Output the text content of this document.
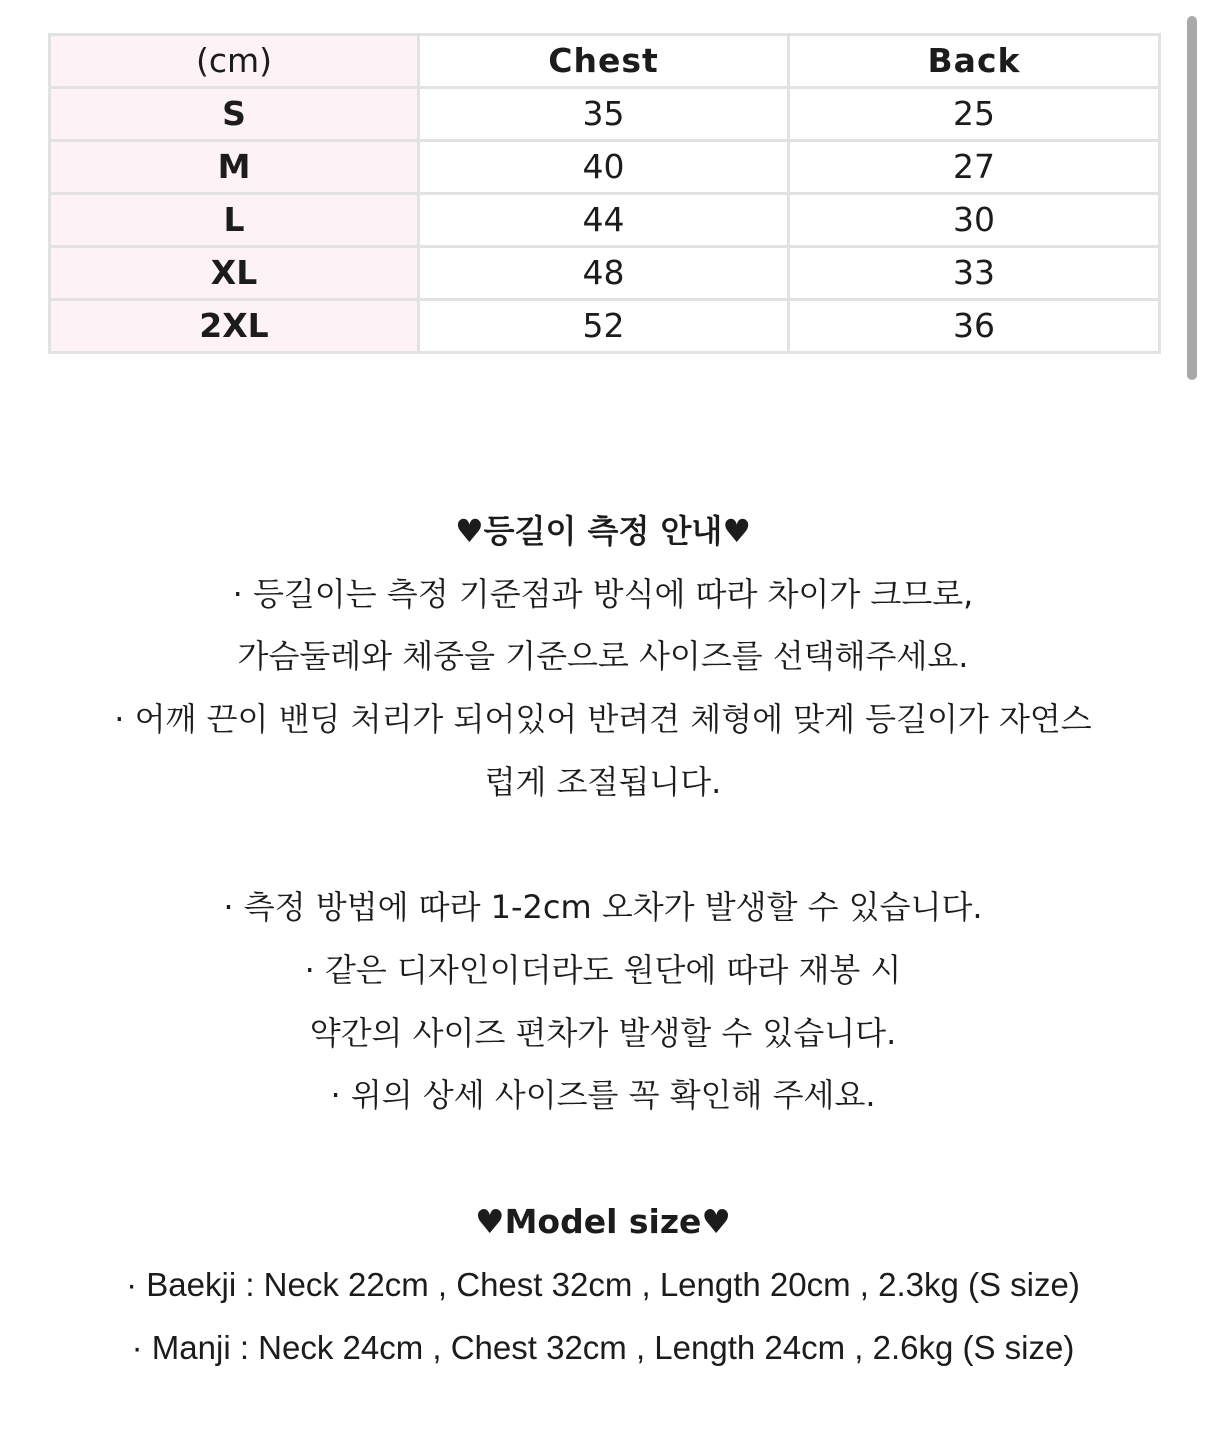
(cm)	Chest	Back
S	35	25
M	40	27
L	44	30
XL	48	33
2XL	52	36
♥등길이 측정 안내♥
· 등길이는 측정 기준점과 방식에 따라 차이가 크므로,
가슴둘레와 체중을 기준으로 사이즈를 선택해주세요.
· 어깨 끈이 밴딩 처리가 되어있어 반려견 체형에 맞게 등길이가 자연스
럽게 조절됩니다.
· 측정 방법에 따라 1-2cm 오차가 발생할 수 있습니다.
· 같은 디자인이더라도 원단에 따라 재봉 시
약간의 사이즈 편차가 발생할 수 있습니다.
· 위의 상세 사이즈를 꼭 확인해 주세요.
♥Model size♥
· Baekji : Neck 22cm , Chest 32cm , Length 20cm , 2.3kg (S size)
· Manji : Neck 24cm , Chest 32cm , Length 24cm , 2.6kg (S size)
